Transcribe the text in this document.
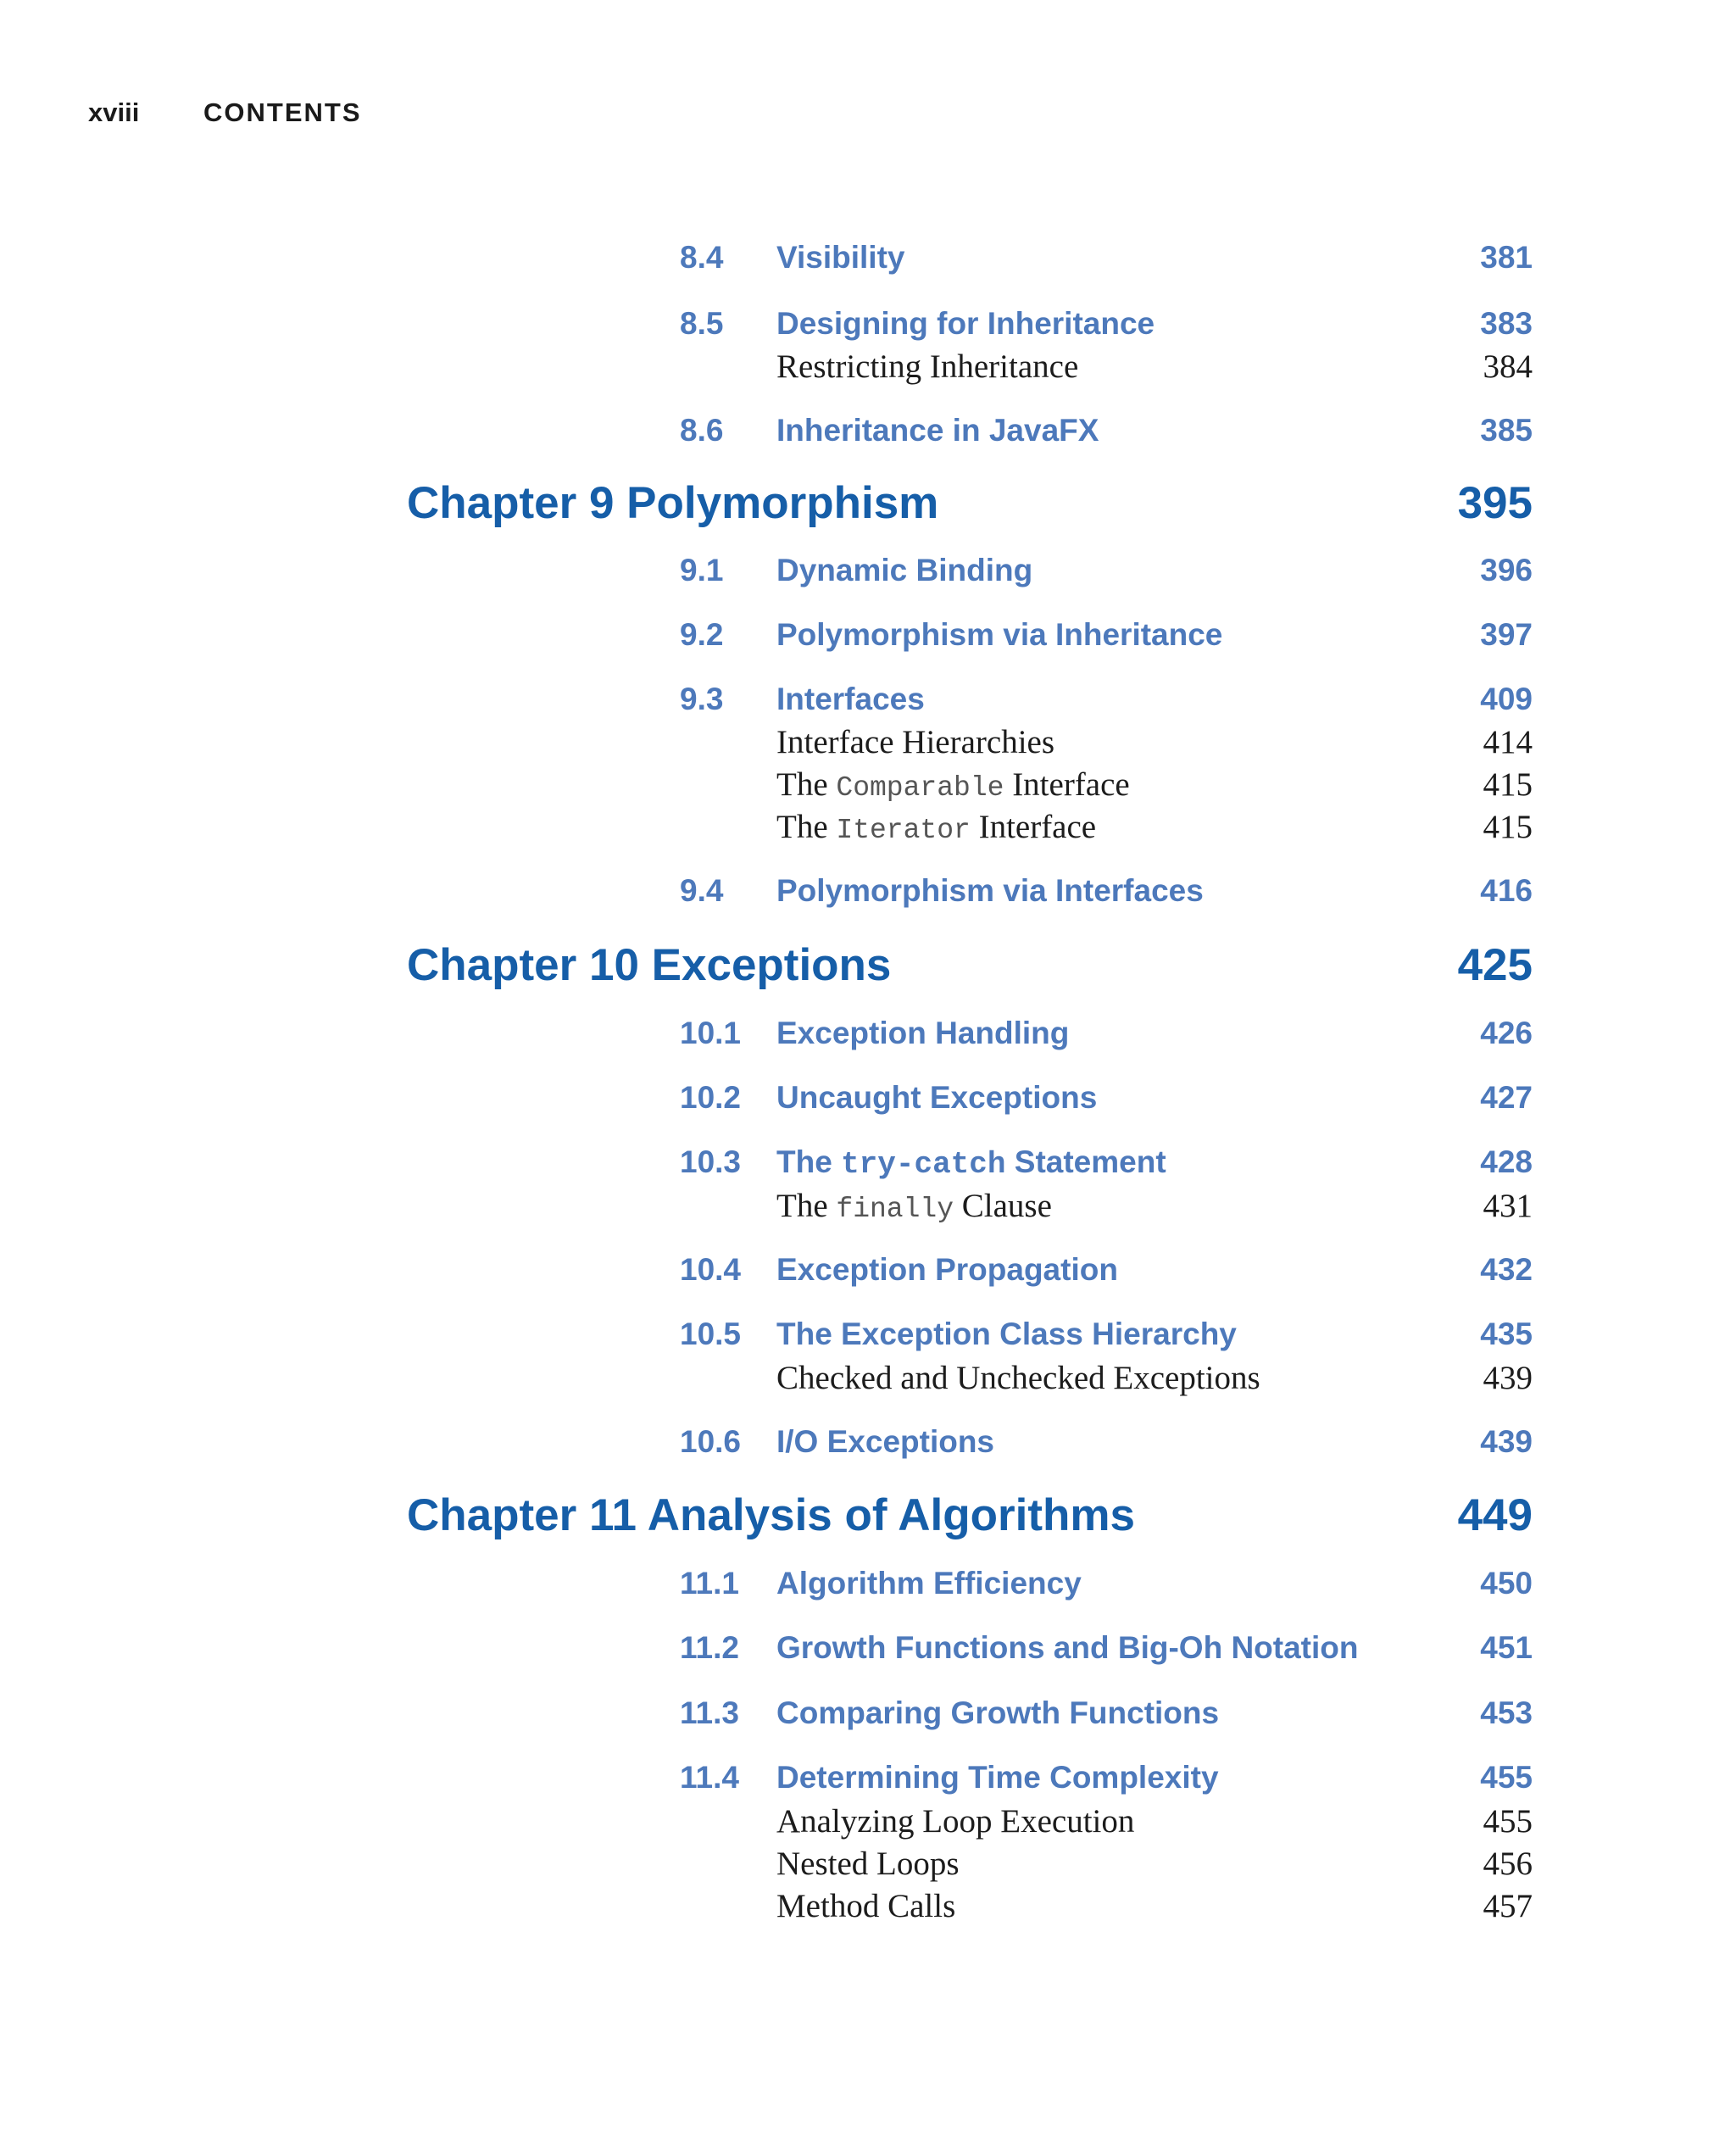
xviii	CONTENTS
8.4 Visibility	381
8.5 Designing for Inheritance	383
Restricting Inheritance	384
8.6 Inheritance in JavaFX	385
Chapter 9 Polymorphism	395
9.1 Dynamic Binding	396
9.2 Polymorphism via Inheritance	397
9.3 Interfaces	409
Interface Hierarchies	414
The Comparable Interface	415
The Iterator Interface	415
9.4 Polymorphism via Interfaces	416
Chapter 10 Exceptions	425
10.1 Exception Handling	426
10.2 Uncaught Exceptions	427
10.3 The try-catch Statement	428
The finally Clause	431
10.4 Exception Propagation	432
10.5 The Exception Class Hierarchy	435
Checked and Unchecked Exceptions	439
10.6 I/O Exceptions	439
Chapter 11 Analysis of Algorithms	449
11.1 Algorithm Efficiency	450
11.2 Growth Functions and Big-Oh Notation	451
11.3 Comparing Growth Functions	453
11.4 Determining Time Complexity	455
Analyzing Loop Execution	455
Nested Loops	456
Method Calls	457
